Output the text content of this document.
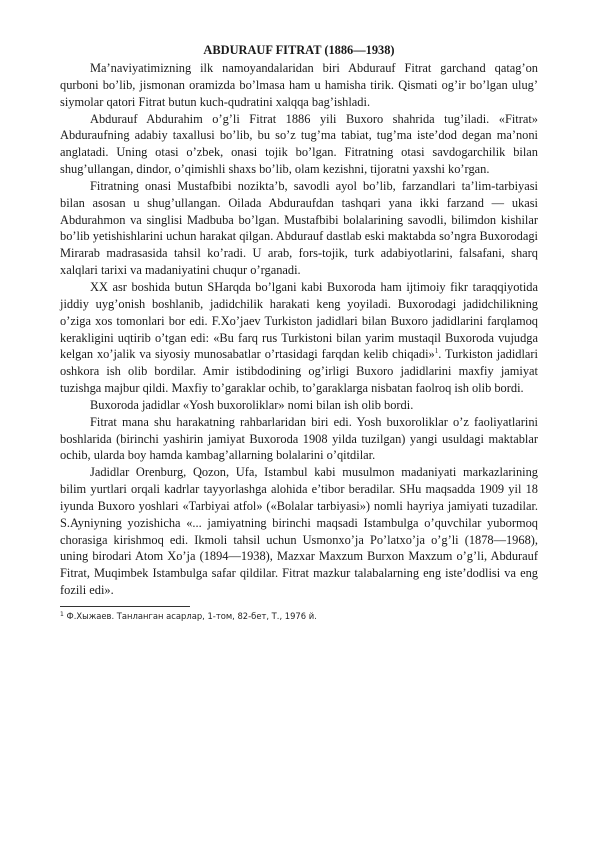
ABDURAUF FITRAT (1886—1938)

Ma’naviyatimizning ilk namoyandalaridan biri Abdurauf Fitrat garchand qatag’on qurboni bo’lib, jismonan oramizda bo’lmasa ham u hamisha tirik. Qismati og’ir bo’lgan ulug’ siymolar qatori Fitrat butun kuch-qudratini xalqqa bag’ishladi.

Abdurauf Abdurahim o’g’li Fitrat 1886 yili Buxoro shahrida tug’iladi. «Fitrat» Abduraufning adabiy taxallusi bo’lib, bu so’z tug’ma tabiat, tug’ma iste’dod degan ma’noni anglatadi. Uning otasi o’zbek, onasi tojik bo’lgan. Fitratning otasi savdogarchilik bilan shug’ullangan, dindor, o’qimishli shaxs bo’lib, olam kezishni, tijoratni yaxshi ko’rgan.

Fitratning onasi Mustafbibi nozikta’b, savodli ayol bo’lib, farzandlari ta’lim-tarbiyasi bilan asosan u shug’ullangan. Oilada Abduraufdan tashqari yana ikki farzand — ukasi Abdurahmon va singlisi Madbuba bo’lgan. Mustafbibi bolalarining savodli, bilimdon kishilar bo’lib yetishishlarini uchun harakat qilgan. Abdurauf dastlab eski maktabda so’ngra Buxorodagi Mirarab madrasasida tahsil ko’radi. U arab, fors-tojik, turk adabiyotlarini, falsafani, sharq xalqlari tarixi va madaniyatini chuqur o’rganadi.

XX asr boshida butun SHarqda bo’lgani kabi Buxoroda ham ijtimoiy fikr taraqqiyotida jiddiy uyg’onish boshlanib, jadidchilik harakati keng yoyiladi. Buxorodagi jadidchilikning o’ziga xos tomonlari bor edi. F.Xo’jaev Turkiston jadidlari bilan Buxoro jadidlarini farqlamoq kerakligini uqtirib o’tgan edi: «Bu farq rus Turkistoni bilan yarim mustaqil Buxoroda vujudga kelgan xo’jalik va siyosiy munosabatlar o’rtasidagi farqdan kelib chiqadi»$^1$. Turkiston jadidlari oshkora ish olib bordilar. Amir istibdodining og’irligi Buxoro jadidlarini maxfiy jamiyat tuzishga majbur qildi. Maxfiy to’garaklar ochib, to’garaklarga nisbatan faolroq ish olib bordi.

Buxoroda jadidlar «Yosh buxoroliklar» nomi bilan ish olib bordi.

Fitrat mana shu harakatning rahbarlaridan biri edi. Yosh buxoroliklar o’z faoliyatlarini boshlarida (birinchi yashirin jamiyat Buxoroda 1908 yilda tuzilgan) yangi usuldagi maktablar ochib, ularda boy hamda kambag’allarning bolalarini o’qitdilar.

Jadidlar Orenburg, Qozon, Ufa, Istambul kabi musulmon madaniyati markazlarining bilim yurtlari orqali kadrlar tayyorlashga alohida e’tibor beradilar. SHu maqsadda 1909 yil 18 iyunda Buxoro yoshlari «Tarbiyai atfol» («Bolalar tarbiyasi») nomli hayriya jamiyati tuzadilar. S.Ayniyning yozishicha «... jamiyatning birinchi maqsadi Istambulga o’quvchilar yubormoq chorasiga kirishmoq edi. Ikmoli tahsil uchun Usmonxo’ja Po’latxo’ja o’g’li (1878—1968), uning birodari Atom Xo’ja (1894—1938), Mazxar Maxzum Burxon Maxzum o’g’li, Abdurauf Fitrat, Muqimbek Istambulga safar qildilar. Fitrat mazkur talabalarning eng iste’dodlisi va eng fozili edi».

$^1$ Ф.Хыжаев. Танланган асарлар, 1-том, 82-бет, Т., 1976 й.
